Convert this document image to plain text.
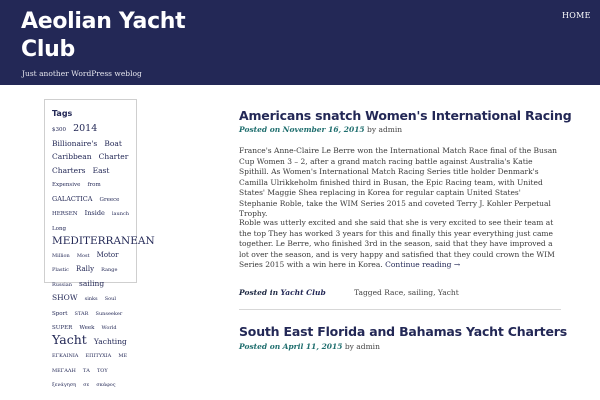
Aeolian Yacht Club
Just another WordPress weblog
HOME
Tags
$300 2014 Billionaire's Boat Caribbean Charter Charters East Expensive from GALACTICA Greece HERSEN Inside launch Long MEDITERRANEAN Million Most Motor Plastic Rally Range Russian sailing SHOW sinks Soul Sport STAR Sunseeker SUPER Week World Yacht Yachting ΕΓΚΑΙΝΙΑ ΕΠΙΤΥΧΙΑ ΜΕ ΜΕΓΑΛΗ ΤΑ ΤΟΥ ξενάγηση σε σκάφος
Americans snatch Women's International Racing
Posted on November 16, 2015 by admin

France's Anne-Claire Le Berre won the International Match Race final of the Busan Cup Women 3 – 2, after a grand match racing battle against Australia's Katie Spithill. As Women's International Match Racing Series title holder Denmark's Camilla Ulrikkeholm finished third in Busan, the Epic Racing team, with United States' Maggie Shea replacing in Korea for regular captain United States' Stephanie Roble, take the WIM Series 2015 and coveted Terry J. Kohler Perpetual Trophy.

Roble was utterly excited and she said that she is very excited to see their team at the top They has worked 3 years for this and finally this year everything just came together. Le Berre, who finished 3rd in the season, said that they have improved a lot over the season, and is very happy and satisfied that they could crown the WIM Series 2015 with a win here in Korea. Continue reading →

Posted in Yacht Club	Tagged Race, sailing, Yacht
South East Florida and Bahamas Yacht Charters
Posted on April 11, 2015 by admin
